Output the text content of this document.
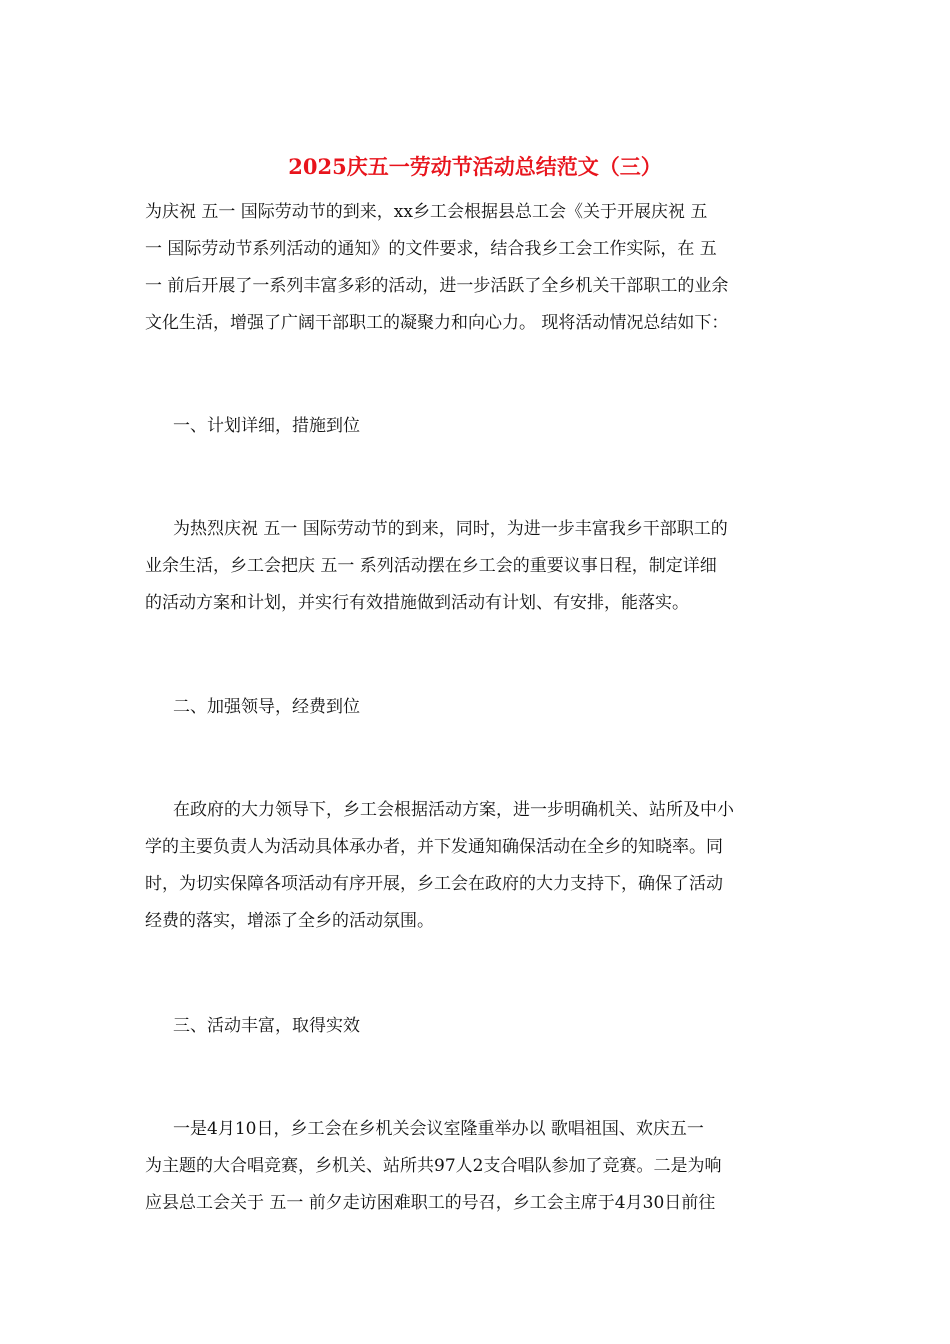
2025庆五一劳动节活动总结范文（三）

为庆祝 五一 国际劳动节的到来，xx乡工会根据县总工会《关于开展庆祝 五
一 国际劳动节系列活动的通知》的文件要求，结合我乡工会工作实际，在 五
一 前后开展了一系列丰富多彩的活动，进一步活跃了全乡机关干部职工的业余
文化生活，增强了广阔干部职工的凝聚力和向心力。 现将活动情况总结如下：

一、计划详细，措施到位

为热烈庆祝 五一 国际劳动节的到来，同时，为进一步丰富我乡干部职工的
业余生活，乡工会把庆 五一 系列活动摆在乡工会的重要议事日程，制定详细
的活动方案和计划，并实行有效措施做到活动有计划、有安排，能落实。

二、加强领导，经费到位

在政府的大力领导下，乡工会根据活动方案，进一步明确机关、站所及中小
学的主要负责人为活动具体承办者，并下发通知确保活动在全乡的知晓率。同
时，为切实保障各项活动有序开展，乡工会在政府的大力支持下，确保了活动
经费的落实，增添了全乡的活动氛围。

三、活动丰富，取得实效

一是4月10日，乡工会在乡机关会议室隆重举办以 歌唱祖国、欢庆五一
为主题的大合唱竞赛，乡机关、站所共97人2支合唱队参加了竞赛。二是为响
应县总工会关于 五一 前夕走访困难职工的号召，乡工会主席于4月30日前往
